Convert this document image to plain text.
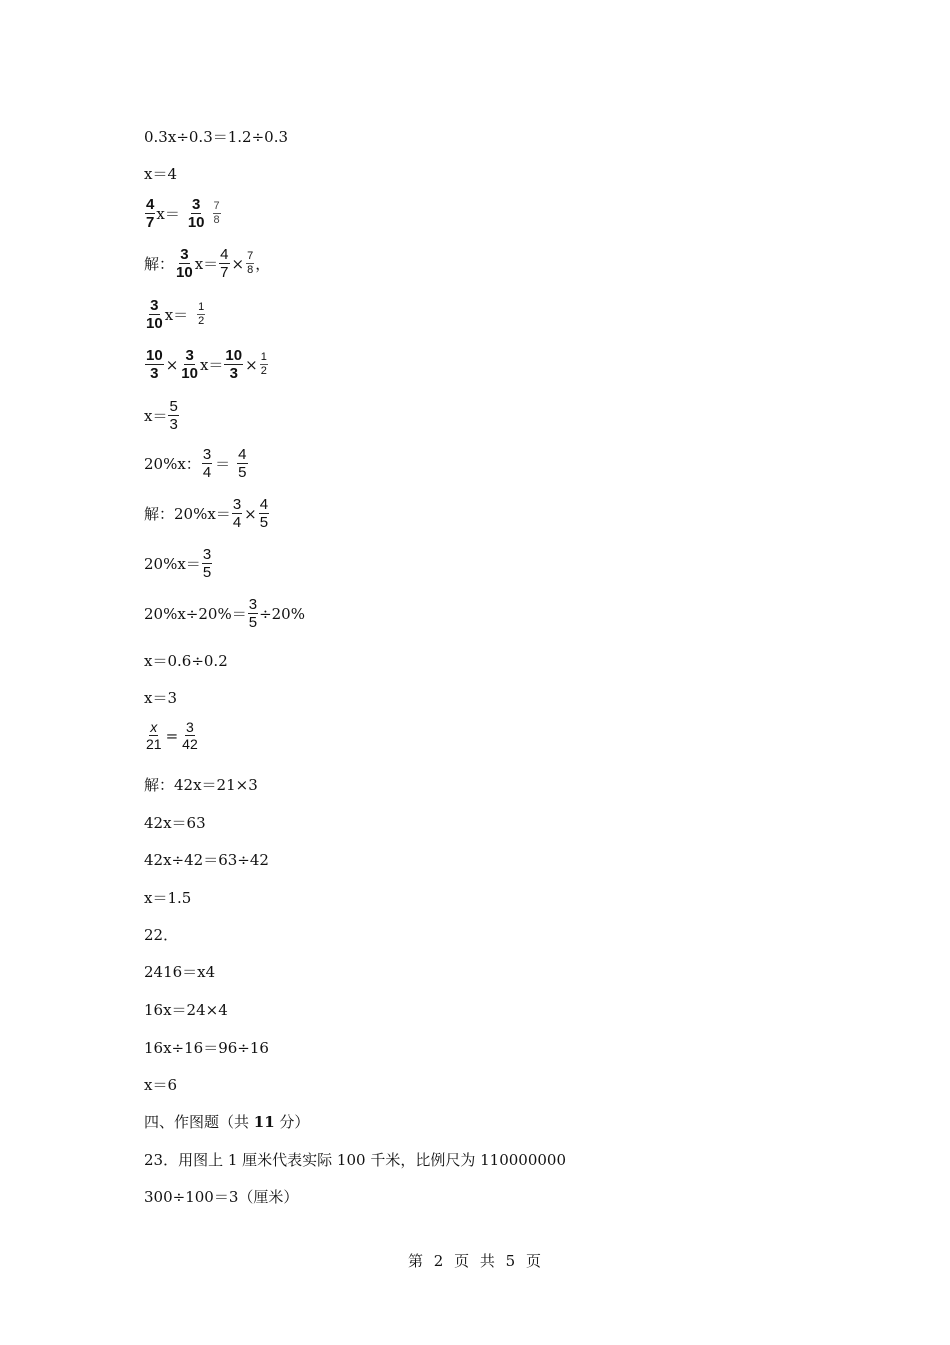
0.3x÷0.3＝1.2÷0.3
x＝4
$\frac{4}{7}$ $x = \frac{3}{10} \frac{7}{8}$
解： $\frac{3}{10} x= \frac{4}{7} \times \frac{7}{8}$ ，
$\frac{3}{10} x= \frac{1}{2}$
$\frac{10}{3} \times \frac{3}{10} x= \frac{10}{3} \times \frac{1}{2}$
$x= \frac{5}{3}$
20%x： $\frac{3}{4} = \frac{4}{5}$
解：$20\%x= \frac{3}{4} \times \frac{4}{5}$
$20\%x= \frac{3}{5}$
$20\%x\div 20\%= \frac{3}{5} \div 20\%$
x＝0.6÷0.2
x＝3
$\frac{x}{21} = \frac{3}{42}$
解：42x＝21×3
42x＝63
42x÷42＝63÷42
x＝1.5
22．
2416＝x4
16x＝24×4
16x÷16＝96÷16
x＝6
四、作图题（共 11 分）
23．用图上 1 厘米代表实际 100 千米，比例尺为 110000000
300÷100＝3（厘米）
第 2 页 共 5 页
